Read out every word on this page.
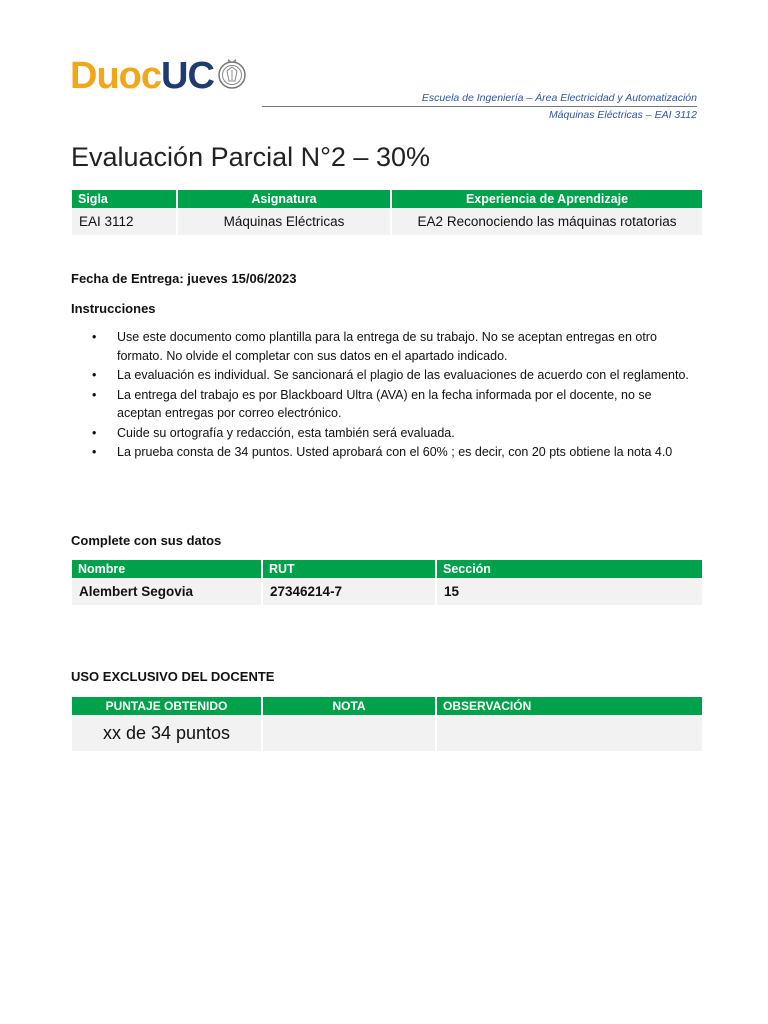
Duoc UC
Escuela de Ingeniería – Área Electricidad y Automatización
Máquinas Eléctricas – EAI 3112
Evaluación Parcial N°2 – 30%
Sigla	Asignatura	Experiencia de Aprendizaje
EAI 3112	Máquinas Eléctricas	EA2 Reconociendo las máquinas rotatorias
Fecha de Entrega: jueves 15/06/2023
Instrucciones
• Use este documento como plantilla para la entrega de su trabajo. No se aceptan entregas en otro formato. No olvide el completar con sus datos en el apartado indicado.
• La evaluación es individual. Se sancionará el plagio de las evaluaciones de acuerdo con el reglamento.
• La entrega del trabajo es por Blackboard Ultra (AVA) en la fecha informada por el docente, no se aceptan entregas por correo electrónico.
• Cuide su ortografía y redacción, esta también será evaluada.
• La prueba consta de 34 puntos. Usted aprobará con el 60% ; es decir, con 20 pts obtiene la nota 4.0
Complete con sus datos
Nombre	RUT	Sección
Alembert Segovia	27346214-7	15
USO EXCLUSIVO DEL DOCENTE
PUNTAJE OBTENIDO	NOTA	OBSERVACIÓN
xx de 34 puntos		
